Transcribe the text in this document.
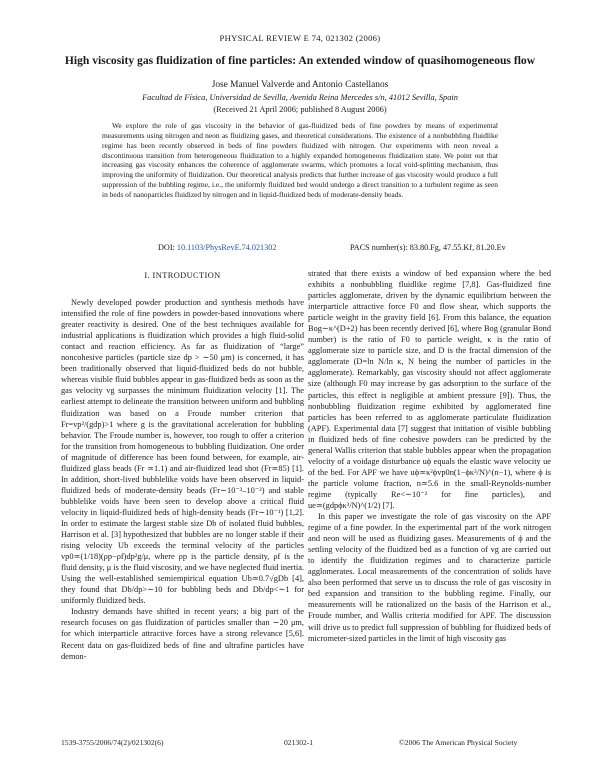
PHYSICAL REVIEW E 74, 021302 (2006)
High viscosity gas fluidization of fine particles: An extended window of quasihomogeneous flow
Jose Manuel Valverde and Antonio Castellanos
Facultad de Física, Universidad de Sevilla, Avenida Reina Mercedes s/n, 41012 Sevilla, Spain
(Received 21 April 2006; published 8 August 2006)

We explore the role of gas viscosity in the behavior of gas-fluidized beds of fine powders by means of experimental measurements using nitrogen and neon as fluidizing gases, and theoretical considerations. The existence of a nonbubbling fluidlike regime has been recently observed in beds of fine powders fluidized with nitrogen. Our experiments with neon reveal a discontinuous transition from heterogeneous fluidization to a highly expanded homogeneous fluidization state. We point out that increasing gas viscosity enhances the coherence of agglomerate swarms, which promotes a local void-splitting mechanism, thus improving the uniformity of fluidization. Our theoretical analysis predicts that further increase of gas viscosity would produce a full suppression of the bubbling regime, i.e., the uniformly fluidized bed would undergo a direct transition to a turbulent regime as seen in beds of nanoparticles fluidized by nitrogen and in liquid-fluidized beds of moderate-density beads.

DOI: 10.1103/PhysRevE.74.021302	PACS number(s): 83.80.Fg, 47.55.Kf, 81.20.Ev
I. INTRODUCTION

Newly developed powder production and synthesis methods have intensified the role of fine powders in powder-based innovations where greater reactivity is desired. One of the best techniques available for industrial applications is fluidization which provides a high fluid-solid contact and reaction efficiency. As far as fluidization of “large” noncohesive particles (particle size dp > ∼50 μm) is concerned, it has been traditionally observed that liquid-fluidized beds do not bubble, whereas visible fluid bubbles appear in gas-fluidized beds as soon as the gas velocity vg surpasses the minimum fluidization velocity [1]. The earliest attempt to delineate the transition between uniform and bubbling fluidization was based on a Froude number criterion that Fr=vp²/(gdp)>1 where g is the gravitational acceleration for bubbling behavior. The Froude number is, however, too rough to offer a criterion for the transition from homogeneous to bubbling fluidization. One order of magnitude of difference has been found between, for example, air-fluidized glass beads (Fr ≃1.1) and air-fluidized lead shot (Fr≃85) [1]. In addition, short-lived bubblelike voids have been observed in liquid-fluidized beds of moderate-density beads (Fr∼10⁻³–10⁻²) and stable bubblelike voids have been seen to develop above a critical fluid velocity in liquid-fluidized beds of high-density beads (Fr∼10⁻¹) [1,2]. In order to estimate the largest stable size Db of isolated fluid bubbles, Harrison et al. [3] hypothesized that bubbles are no longer stable if their rising velocity Ub exceeds the terminal velocity of the particles vp0≃(1/18)(ρp−ρf)dp²g/μ, where ρp is the particle density, ρf is the fluid density, μ is the fluid viscosity, and we have neglected fluid inertia. Using the well-established semiempirical equation Ub≃0.7√gDb [4], they found that Db/dp>∼10 for bubbling beds and Db/dp<∼1 for uniformly fluidized beds.

Industry demands have shifted in recent years; a big part of the research focuses on gas fluidization of particles smaller than ∼20 μm, for which interparticle attractive forces have a strong relevance [5,6]. Recent data on gas-fluidized beds of fine and ultrafine particles have demon-

strated that there exists a window of bed expansion where the bed exhibits a nonbubbling fluidlike regime [7,8]. Gas-fluidized fine particles agglomerate, driven by the dynamic equilibrium between the interparticle attractive force F0 and flow shear, which supports the particle weight in the gravity field [6]. From this balance, the equation Bog∼κ^(D+2) has been recently derived [6], where Bog (granular Bond number) is the ratio of F0 to particle weight, κ is the ratio of agglomerate size to particle size, and D is the fractal dimension of the agglomerate (D=ln N/ln κ, N being the number of particles in the agglomerate). Remarkably, gas viscosity should not affect agglomerate size (although F0 may increase by gas adsorption to the surface of the particles, this effect is negligible at ambient pressure [9]). Thus, the nonbubbling fluidization regime exhibited by agglomerated fine particles has been referred to as agglomerate particulate fluidization (APF). Experimental data [7] suggest that initiation of visible bubbling in fluidized beds of fine cohesive powders can be predicted by the general Wallis criterion that stable bubbles appear when the propagation velocity of a voidage disturbance uϕ equals the elastic wave velocity ue of the bed. For APF we have uϕ≃κ²ϕvp0n(1−ϕκ³/N)^(n−1), where ϕ is the particle volume fraction, n≃5.6 in the small-Reynolds-number regime (typically Re<∼10⁻² for fine particles), and ue≃(gdpϕκ³/N)^(1/2) [7].

In this paper we investigate the role of gas viscosity on the APF regime of a fine powder. In the experimental part of the work nitrogen and neon will be used as fluidizing gases. Measurements of ϕ and the settling velocity of the fluidized bed as a function of vg are carried out to identify the fluidization regimes and to characterize particle agglomerates. Local measurements of the concentration of solids have also been performed that serve us to discuss the role of gas viscosity in bed expansion and transition to the bubbling regime. Finally, our measurements will be rationalized on the basis of the Harrison et al., Froude number, and Wallis criteria modified for APF. The discussion will drive us to predict full suppression of bubbling for fluidized beds of micrometer-sized particles in the limit of high viscosity gas

1539-3755/2006/74(2)/021302(6)	021302-1	©2006 The American Physical Society
